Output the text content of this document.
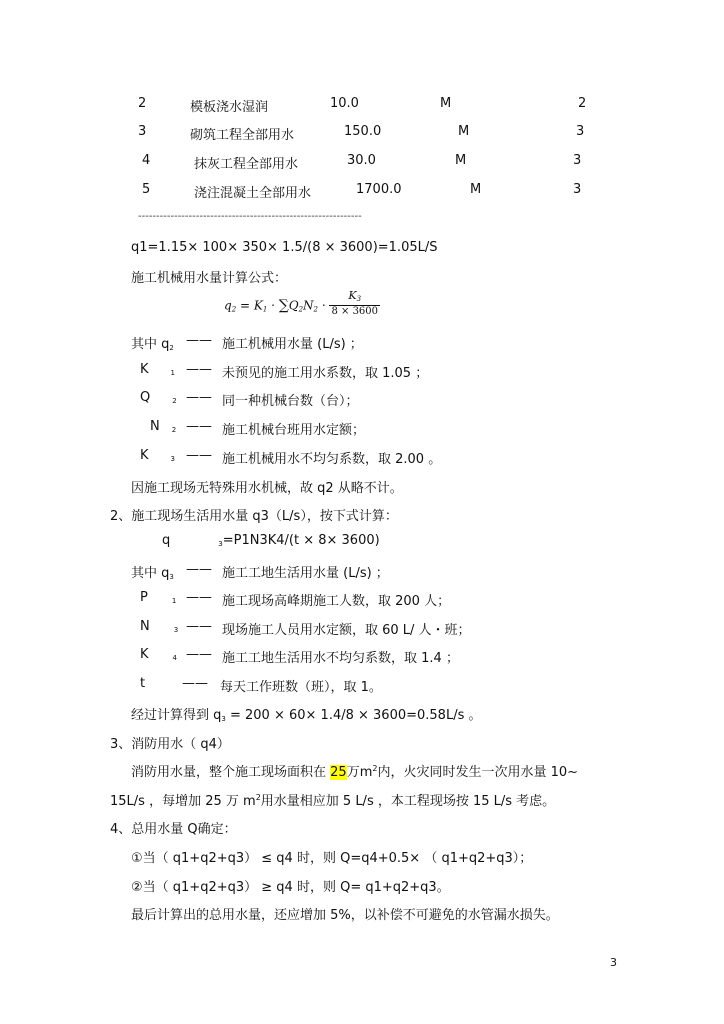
2	模板浇水湿润	10.0	M	2
3	砌筑工程全部用水	150.0	M	3
4	抹灰工程全部用水	30.0	M	3
5	浇注混凝土全部用水	1700.0	M	3
--------------------------------------------------------------
q1=1.15× 100× 350× 1.5/(8 × 3600)=1.05L/S
施工机械用水量计算公式：
$q_2 = K_1 \cdot \sum Q_2N_2 \cdot \frac{K_3}{8 \times 3600}$
其中 $q_2$ —— 施工机械用水量 (L/s) ；
K	$_1$ —— 未预见的施工用水系数，取 1.05 ；
Q	$_2$ —— 同一种机械台数（台）；
N $_2$ —— 施工机械台班用水定额；
K	$_3$ —— 施工机械用水不均匀系数，取 2.00 。
因施工现场无特殊用水机械，故 q2 从略不计。
2、施工现场生活用水量 q3（L/s），按下式计算：
q	$_3$=P1N3K4/(t × 8× 3600)
其中 $q_3$ —— 施工工地生活用水量 (L/s) ；
P	$_1$ —— 施工现场高峰期施工人数，取 200 人；
N	$_3$ —— 现场施工人员用水定额，取 60 L/ 人・班；
K	$_4$ —— 施工工地生活用水不均匀系数，取 1.4 ；
t	—— 每天工作班数（班），取 1。
经过计算得到 $q_3 = 200 \times 60\times 1.4/8 \times 3600=0.58L/s$ 。
3、消防用水（ q4）
消防用水量，整个施工现场面积在 25万$m^2$内，火灾同时发生一次用水量 10~
15L/s ，每增加 25 万 $m^2$用水量相应加 5 L/s ，本工程现场按 15 L/s 考虑。
4、总用水量 Q确定：
①当（ q1+q2+q3） ≤ q4 时，则 Q=q4+0.5× （ q1+q2+q3）；
②当（ q1+q2+q3） ≥ q4 时，则 Q= q1+q2+q3。
最后计算出的总用水量，还应增加 5%，以补偿不可避免的水管漏水损失。
3
